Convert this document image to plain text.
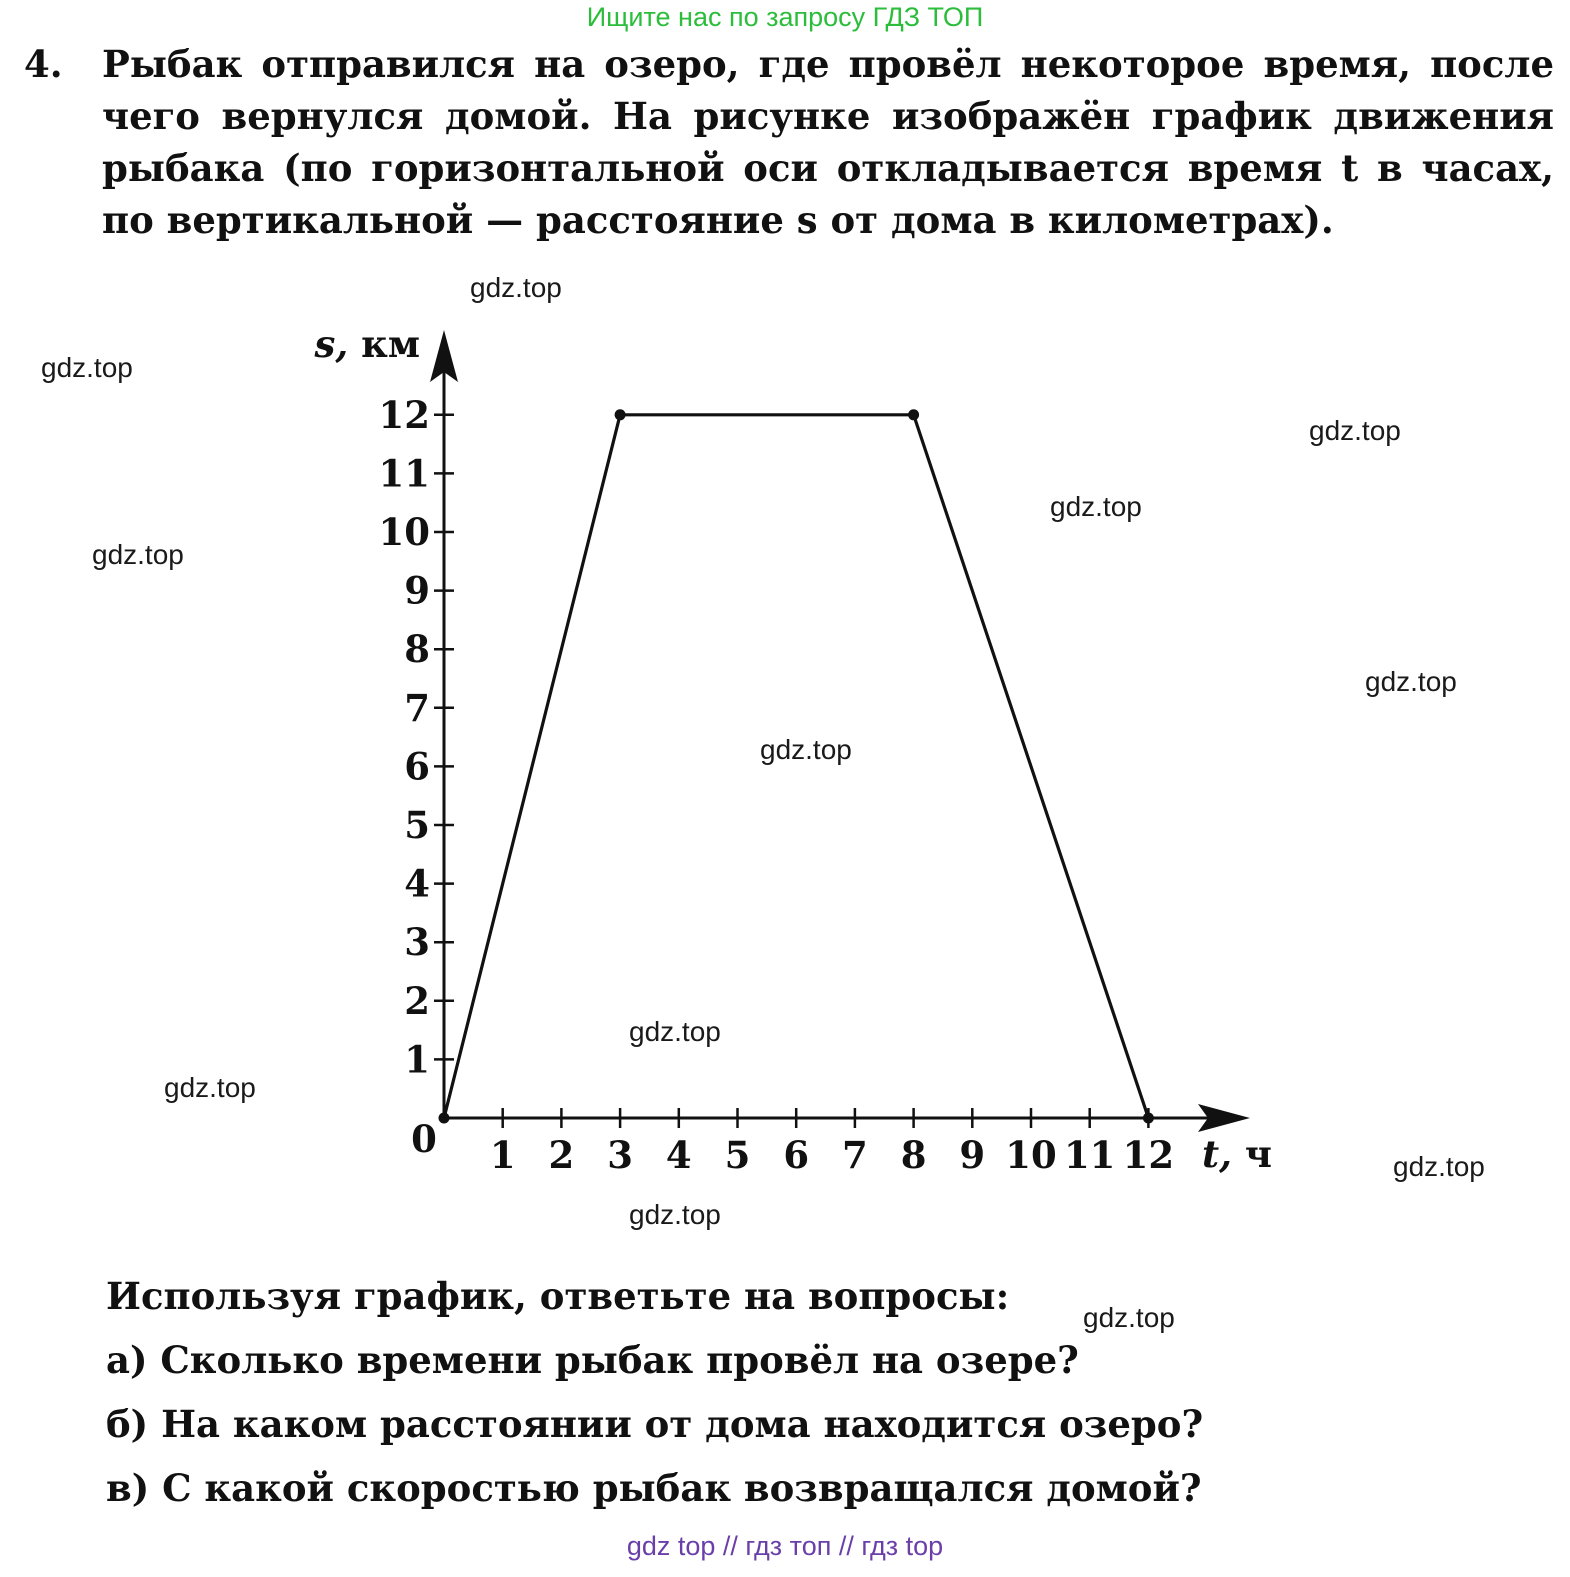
Ищите нас по запросу ГДЗ ТОП
4. Рыбак отправился на озеро, где провёл некоторое время, после чего вернулся домой. На рисунке изображён график движения рыбака (по горизонтальной оси откладывается время t в часах, по вертикальной — расстояние s от дома в километрах).
1 2 3 4 5 6 7 8 9 10 11 12
1
2
3
4
5
6
7
8
9
10
11
12
0	t, ч
s, км
Используя график, ответьте на вопросы:
а) Сколько времени рыбак провёл на озере?
б) На каком расстоянии от дома находится озеро?
в) С какой скоростью рыбак возвращался домой?
gdz.top
gdz.top
gdz.top
gdz.top
gdz.top
gdz.top
gdz.top
gdz.top
gdz.top
gdz.top
gdz.top
gdz.top
gdz top // гдз топ // гдз top
